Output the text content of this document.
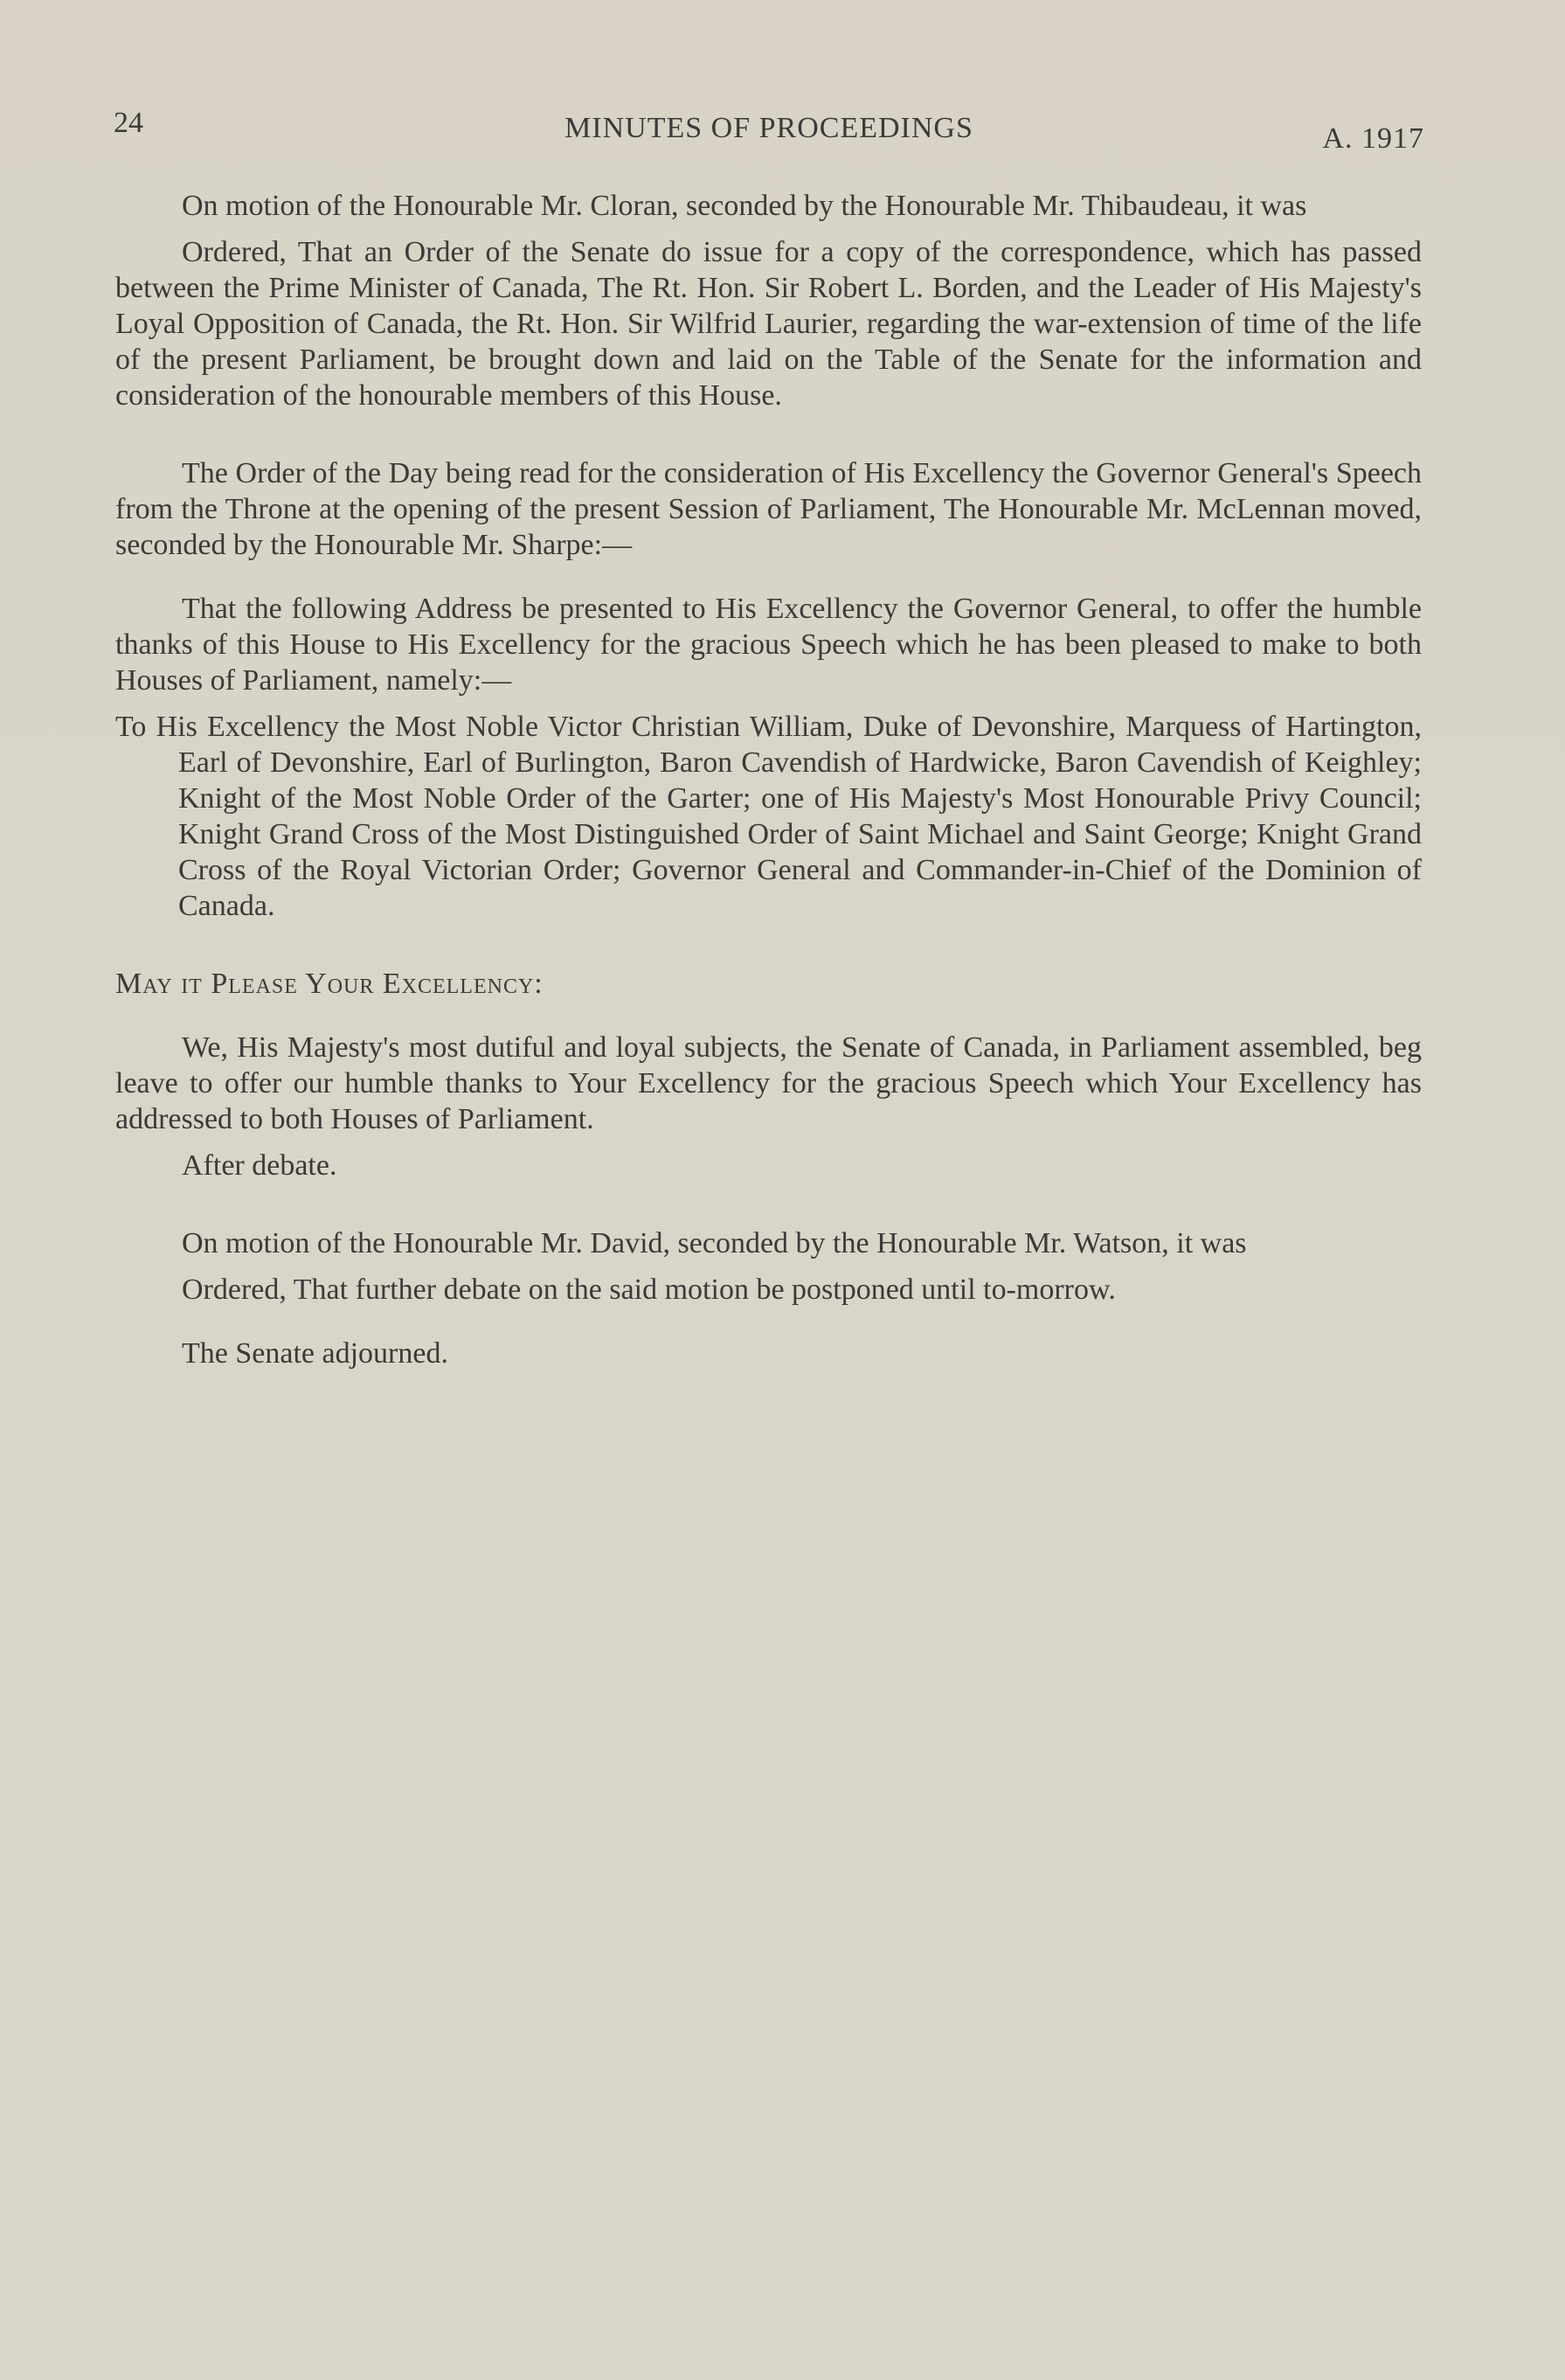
24	MINUTES OF PROCEEDINGS	A. 1917

On motion of the Honourable Mr. Cloran, seconded by the Honourable Mr. Thibaudeau, it was

Ordered, That an Order of the Senate do issue for a copy of the correspondence, which has passed between the Prime Minister of Canada, The Rt. Hon. Sir Robert L. Borden, and the Leader of His Majesty's Loyal Opposition of Canada, the Rt. Hon. Sir Wilfrid Laurier, regarding the war-extension of time of the life of the present Parliament, be brought down and laid on the Table of the Senate for the information and consideration of the honourable members of this House.

The Order of the Day being read for the consideration of His Excellency the Governor General's Speech from the Throne at the opening of the present Session of Parliament, The Honourable Mr. McLennan moved, seconded by the Honourable Mr. Sharpe:—

That the following Address be presented to His Excellency the Governor General, to offer the humble thanks of this House to His Excellency for the gracious Speech which he has been pleased to make to both Houses of Parliament, namely:—

To His Excellency the Most Noble Victor Christian William, Duke of Devonshire, Marquess of Hartington, Earl of Devonshire, Earl of Burlington, Baron Cavendish of Hardwicke, Baron Cavendish of Keighley; Knight of the Most Noble Order of the Garter; one of His Majesty's Most Honourable Privy Council; Knight Grand Cross of the Most Distinguished Order of Saint Michael and Saint George; Knight Grand Cross of the Royal Victorian Order; Governor General and Commander-in-Chief of the Dominion of Canada.

May it Please Your Excellency:

We, His Majesty's most dutiful and loyal subjects, the Senate of Canada, in Parliament assembled, beg leave to offer our humble thanks to Your Excellency for the gracious Speech which Your Excellency has addressed to both Houses of Parliament.

After debate.

On motion of the Honourable Mr. David, seconded by the Honourable Mr. Watson, it was

Ordered, That further debate on the said motion be postponed until to-morrow.

The Senate adjourned.
